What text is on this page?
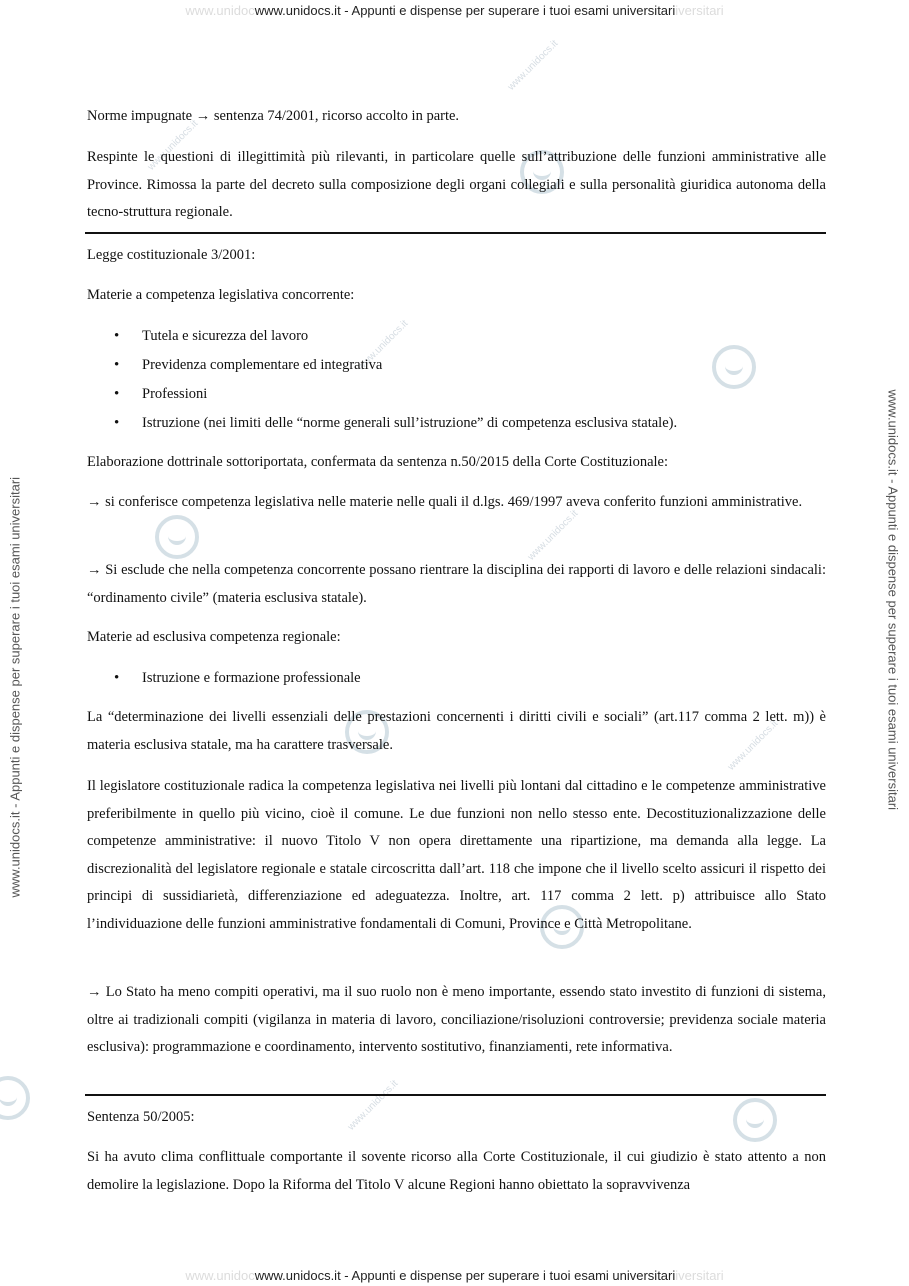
www.unidocwww.unidocs.it - Appunti e dispense per superare i tuoi esami universitariiversitari
www.unidocwww.unidocs.it - Appunti e dispense per superare i tuoi esami universitariiversitari
www.unidocs.it - Appunti e dispense per superare i tuoi esami universitari	www.unidocs.it - Appunti e dispense per superare i tuoi esami universitari
www.unidocs.it
www.unidocs.it
www.unidocs.it
www.unidocs.it
www.unidocs.it
www.unidocs.it

Norme impugnate → sentenza 74/2001, ricorso accolto in parte.

Respinte le questioni di illegittimità più rilevanti, in particolare quelle sull’attribuzione delle funzioni amministrative alle Province. Rimossa la parte del decreto sulla composizione degli organi collegiali e sulla personalità giuridica autonoma della tecno-struttura regionale.

Legge costituzionale 3/2001:

Materie a competenza legislativa concorrente:

• Tutela e sicurezza del lavoro
• Previdenza complementare ed integrativa
• Professioni
• Istruzione (nei limiti delle “norme generali sull’istruzione” di competenza esclusiva statale).

Elaborazione dottrinale sottoriportata, confermata da sentenza n.50/2015 della Corte Costituzionale:

→ si conferisce competenza legislativa nelle materie nelle quali il d.lgs. 469/1997 aveva conferito funzioni amministrative.

→ Si esclude che nella competenza concorrente possano rientrare la disciplina dei rapporti di lavoro e delle relazioni sindacali: “ordinamento civile” (materia esclusiva statale).

Materie ad esclusiva competenza regionale:

• Istruzione e formazione professionale

La “determinazione dei livelli essenziali delle prestazioni concernenti i diritti civili e sociali” (art.117 comma 2 lett. m)) è materia esclusiva statale, ma ha carattere trasversale.

Il legislatore costituzionale radica la competenza legislativa nei livelli più lontani dal cittadino e le competenze amministrative preferibilmente in quello più vicino, cioè il comune. Le due funzioni non nello stesso ente. Decostituzionalizzazione delle competenze amministrative: il nuovo Titolo V non opera direttamente una ripartizione, ma demanda alla legge. La discrezionalità del legislatore regionale e statale circoscritta dall’art. 118 che impone che il livello scelto assicuri il rispetto dei principi di sussidiarietà, differenziazione ed adeguatezza. Inoltre, art. 117 comma 2 lett. p) attribuisce allo Stato l’individuazione delle funzioni amministrative fondamentali di Comuni, Province e Città Metropolitane.

→ Lo Stato ha meno compiti operativi, ma il suo ruolo non è meno importante, essendo stato investito di funzioni di sistema, oltre ai tradizionali compiti (vigilanza in materia di lavoro, conciliazione/risoluzioni controversie; previdenza sociale materia esclusiva): programmazione e coordinamento, intervento sostitutivo, finanziamenti, rete informativa.

Sentenza 50/2005:

Si ha avuto clima conflittuale comportante il sovente ricorso alla Corte Costituzionale, il cui giudizio è stato attento a non demolire la legislazione. Dopo la Riforma del Titolo V alcune Regioni hanno obiettato la sopravvivenza
